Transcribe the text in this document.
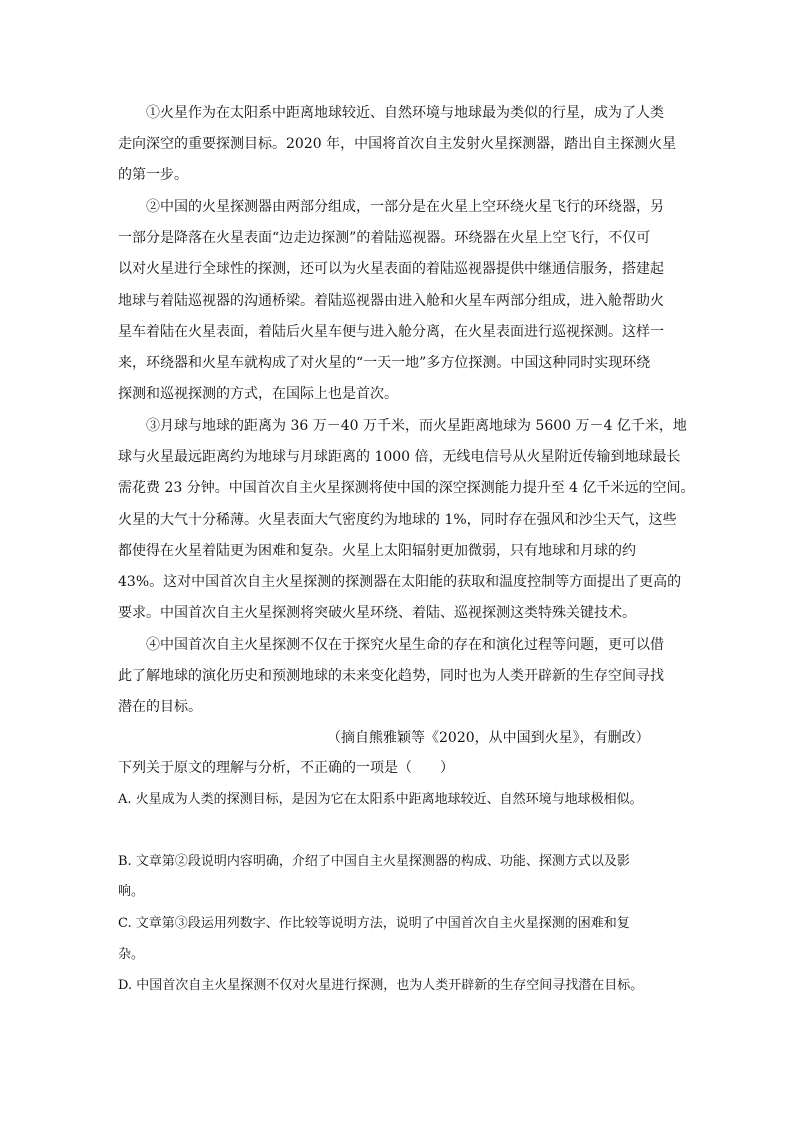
①火星作为在太阳系中距离地球较近、自然环境与地球最为类似的行星，成为了人类
走向深空的重要探测目标。2020 年，中国将首次自主发射火星探测器，踏出自主探测火星
的第一步。
②中国的火星探测器由两部分组成，一部分是在火星上空环绕火星飞行的环绕器，另
一部分是降落在火星表面“边走边探测”的着陆巡视器。环绕器在火星上空飞行，不仅可
以对火星进行全球性的探测，还可以为火星表面的着陆巡视器提供中继通信服务，搭建起
地球与着陆巡视器的沟通桥梁。着陆巡视器由进入舱和火星车两部分组成，进入舱帮助火
星车着陆在火星表面，着陆后火星车便与进入舱分离，在火星表面进行巡视探测。这样一
来，环绕器和火星车就构成了对火星的“一天一地”多方位探测。中国这种同时实现环绕
探测和巡视探测的方式，在国际上也是首次。
③月球与地球的距离为 36 万－40 万千米，而火星距离地球为 5600 万－4 亿千米，地
球与火星最远距离约为地球与月球距离的 1000 倍，无线电信号从火星附近传输到地球最长
需花费 23 分钟。中国首次自主火星探测将使中国的深空探测能力提升至 4 亿千米远的空间。
火星的大气十分稀薄。火星表面大气密度约为地球的 1%，同时存在强风和沙尘天气，这些
都使得在火星着陆更为困难和复杂。火星上太阳辐射更加微弱，只有地球和月球的约
43%。这对中国首次自主火星探测的探测器在太阳能的获取和温度控制等方面提出了更高的
要求。中国首次自主火星探测将突破火星环绕、着陆、巡视探测这类特殊关键技术。
④中国首次自主火星探测不仅在于探究火星生命的存在和演化过程等问题，更可以借
此了解地球的演化历史和预测地球的未来变化趋势，同时也为人类开辟新的生存空间寻找
潜在的目标。
（摘自熊雅颖等《2020，从中国到火星》，有删改）
下列关于原文的理解与分析，不正确的一项是（　　）
A. 火星成为人类的探测目标，是因为它在太阳系中距离地球较近、自然环境与地球极相似。
B. 文章第②段说明内容明确，介绍了中国自主火星探测器的构成、功能、探测方式以及影
响。
C. 文章第③段运用列数字、作比较等说明方法，说明了中国首次自主火星探测的困难和复
杂。
D. 中国首次自主火星探测不仅对火星进行探测，也为人类开辟新的生存空间寻找潜在目标。
